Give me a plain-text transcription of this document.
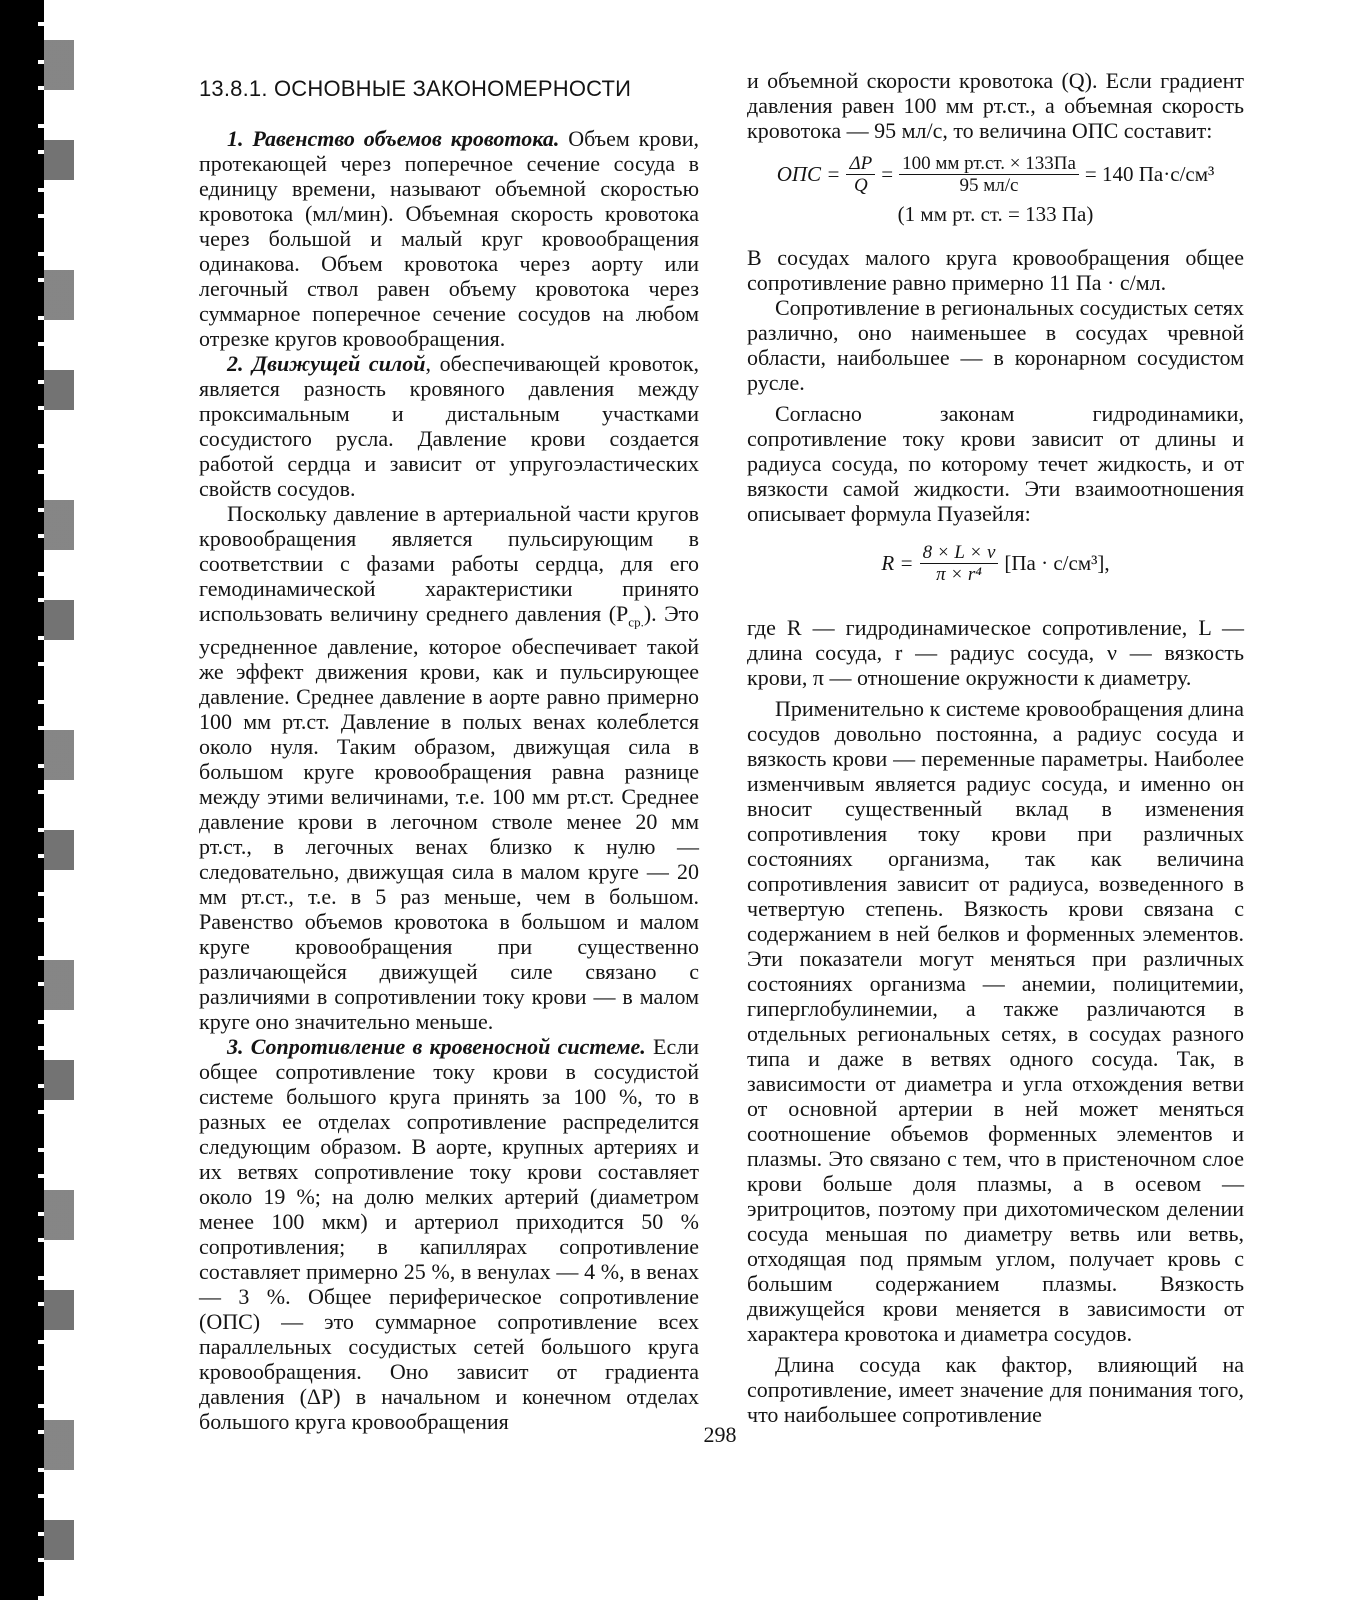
13.8.1. ОСНОВНЫЕ ЗАКОНОМЕРНОСТИ

1. Равенство объемов кровотока. Объем крови, протекающей через поперечное сечение сосуда в единицу времени, называют объемной скоростью кровотока (мл/мин). Объемная скорость кровотока через большой и малый круг кровообращения одинакова. Объем кровотока через аорту или легочный ствол равен объему кровотока через суммарное поперечное сечение сосудов на любом отрезке кругов кровообращения.

2. Движущей силой, обеспечивающей кровоток, является разность кровяного давления между проксимальным и дистальным участками сосудистого русла. Давление крови создается работой сердца и зависит от упругоэластических свойств сосудов.

Поскольку давление в артериальной части кругов кровообращения является пульсирующим в соответствии с фазами работы сердца, для его гемодинамической характеристики принято использовать величину среднего давления $(Р_{ср.})$. Это усредненное давление, которое обеспечивает такой же эффект движения крови, как и пульсирующее давление. Среднее давление в аорте равно примерно 100 мм рт.ст. Давление в полых венах колеблется около нуля. Таким образом, движущая сила в большом круге кровообращения равна разнице между этими величинами, т.е. 100 мм рт.ст. Среднее давление крови в легочном стволе менее 20 мм рт.ст., в легочных венах близко к нулю — следовательно, движущая сила в малом круге — 20 мм рт.ст., т.е. в 5 раз меньше, чем в большом. Равенство объемов кровотока в большом и малом круге кровообращения при существенно различающейся движущей силе связано с различиями в сопротивлении току крови — в малом круге оно значительно меньше.

3. Сопротивление в кровеносной системе. Если общее сопротивление току крови в сосудистой системе большого круга принять за 100 %, то в разных ее отделах сопротивление распределится следующим образом. В аорте, крупных артериях и их ветвях сопротивление току крови составляет около 19 %; на долю мелких артерий (диаметром менее 100 мкм) и артериол приходится 50 % сопротивления; в капиллярах сопротивление составляет примерно 25 %, в венулах — 4 %, в венах — 3 %. Общее периферическое сопротивление (ОПС) — это суммарное сопротивление всех параллельных сосудистых сетей большого круга кровообращения. Оно зависит от градиента давления (ΔР) в начальном и конечном отделах большого круга кровообращения

и объемной скорости кровотока (Q). Если градиент давления равен 100 мм рт.ст., а объемная скорость кровотока — 95 мл/с, то величина ОПС составит:

ОПС =	$\frac{\Delta P}{Q}$	=	$\frac{\text{100 мм рт.ст. × 133Па}}{95 мл/с}$	= 140 Па·с/см³
(1 мм рт. ст. = 133 Па)

В сосудах малого круга кровообращения общее сопротивление равно примерно 11 Па · с/мл.

Сопротивление в региональных сосудистых сетях различно, оно наименьшее в сосудах чревной области, наибольшее — в коронарном сосудистом русле.

Согласно законам гидродинамики, сопротивление току крови зависит от длины и радиуса сосуда, по которому течет жидкость, и от вязкости самой жидкости. Эти взаимоотношения описывает формула Пуазейля:

R =	$\frac{8 \times L \times \nu}{\text{π × r⁴}}$	[Па · с/см³],

где R — гидродинамическое сопротивление, L — длина сосуда, r — радиус сосуда, ν — вязкость крови, π — отношение окружности к диаметру.

Применительно к системе кровообращения длина сосудов довольно постоянна, а радиус сосуда и вязкость крови — переменные параметры. Наиболее изменчивым является радиус сосуда, и именно он вносит существенный вклад в изменения сопротивления току крови при различных состояниях организма, так как величина сопротивления зависит от радиуса, возведенного в четвертую степень. Вязкость крови связана с содержанием в ней белков и форменных элементов. Эти показатели могут меняться при различных состояниях организма — анемии, полицитемии, гиперглобулинемии, а также различаются в отдельных региональных сетях, в сосудах разного типа и даже в ветвях одного сосуда. Так, в зависимости от диаметра и угла отхождения ветви от основной артерии в ней может меняться соотношение объемов форменных элементов и плазмы. Это связано с тем, что в пристеночном слое крови больше доля плазмы, а в осевом — эритроцитов, поэтому при дихотомическом делении сосуда меньшая по диаметру ветвь или ветвь, отходящая под прямым углом, получает кровь с большим содержанием плазмы. Вязкость движущейся крови меняется в зависимости от характера кровотока и диаметра сосудов.

Длина сосуда как фактор, влияющий на сопротивление, имеет значение для понимания того, что наибольшее сопротивление

298
